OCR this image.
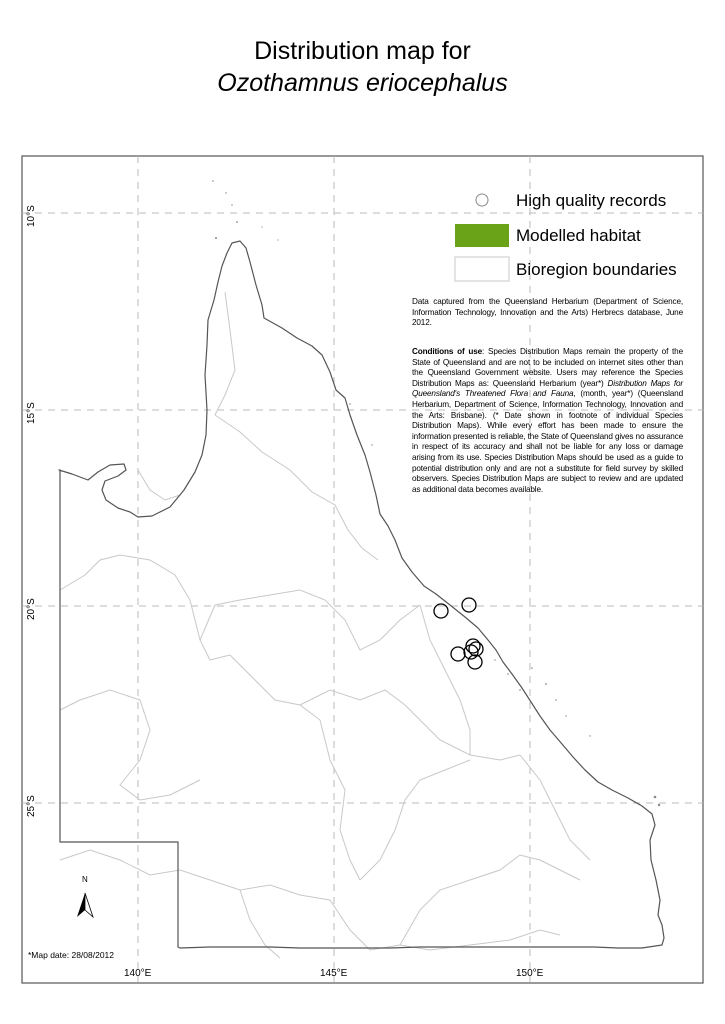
Distribution map for
Ozothamnus eriocephalus
High quality records
Modelled habitat
Bioregion boundaries
Data captured from the Queensland Herbarium (Department of Science, Information Technology, Innovation and the Arts) Herbrecs database, June 2012.
Conditions of use: Species Distribution Maps remain the property of the State of Queensland and are not to be included on internet sites other than the Queensland Government website. Users may reference the Species Distribution Maps as: Queensland Herbarium (year*) Distribution Maps for Queensland's Threatened Flora and Fauna, (month, year*) (Queensland Herbarium, Department of Science, Information Technology, Innovation and the Arts: Brisbane). (* Date shown in footnote of individual Species Distribution Maps). While every effort has been made to ensure the information presented is reliable, the State of Queensland gives no assurance in respect of its accuracy and shall not be liable for any loss or damage arising from its use. Species Distribution Maps should be used as a guide to potential distribution only and are not a substitute for field survey by skilled observers. Species Distribution Maps are subject to review and are updated as additional data becomes available.
10°S
15°S
20°S
25°S
140°E	145°E	150°E
N
*Map date: 28/08/2012
